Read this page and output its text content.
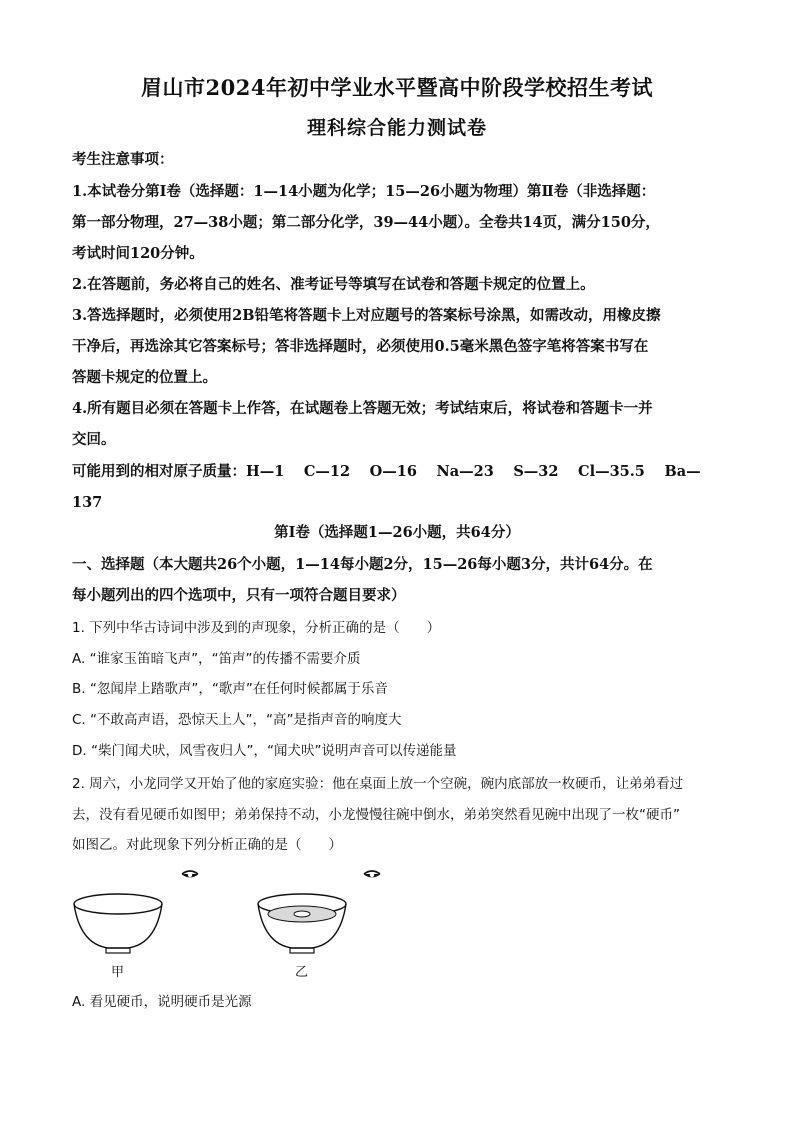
眉山市2024年初中学业水平暨高中阶段学校招生考试
理科综合能力测试卷
考生注意事项：
1.本试卷分第Ⅰ卷（选择题：1—14小题为化学；15—26小题为物理）第Ⅱ卷（非选择题：
第一部分物理，27—38小题；第二部分化学，39—44小题）。全卷共14页，满分150分，
考试时间120分钟。
2.在答题前，务必将自己的姓名、准考证号等填写在试卷和答题卡规定的位置上。
3.答选择题时，必须使用2B铅笔将答题卡上对应题号的答案标号涂黑，如需改动，用橡皮擦
干净后，再选涂其它答案标号；答非选择题时，必须使用0.5毫米黑色签字笔将答案书写在
答题卡规定的位置上。
4.所有题目必须在答题卡上作答，在试题卷上答题无效；考试结束后，将试卷和答题卡一并
交回。
可能用到的相对原子质量：H—1　 C—12　 O—16　 Na—23　 S—32　 Cl—35.5　 Ba—
137
第Ⅰ卷（选择题1—26小题，共64分）
一、选择题（本大题共26个小题，1—14每小题2分，15—26每小题3分，共计64分。在
每小题列出的四个选项中，只有一项符合题目要求）
1. 下列中华古诗词中涉及到的声现象，分析正确的是（　　）
A. “谁家玉笛暗飞声”，“笛声”的传播不需要介质
B. “忽闻岸上踏歌声”，“歌声”在任何时候都属于乐音
C. “不敢高声语，恐惊天上人”，“高”是指声音的响度大
D. “柴门闻犬吠，风雪夜归人”，“闻犬吠”说明声音可以传递能量
2. 周六，小龙同学又开始了他的家庭实验：他在桌面上放一个空碗，碗内底部放一枚硬币，让弟弟看过
去，没有看见硬币如图甲；弟弟保持不动，小龙慢慢往碗中倒水，弟弟突然看见碗中出现了一枚“硬币”
如图乙。对此现象下列分析正确的是（　　）
甲	乙
A. 看见硬币，说明硬币是光源
